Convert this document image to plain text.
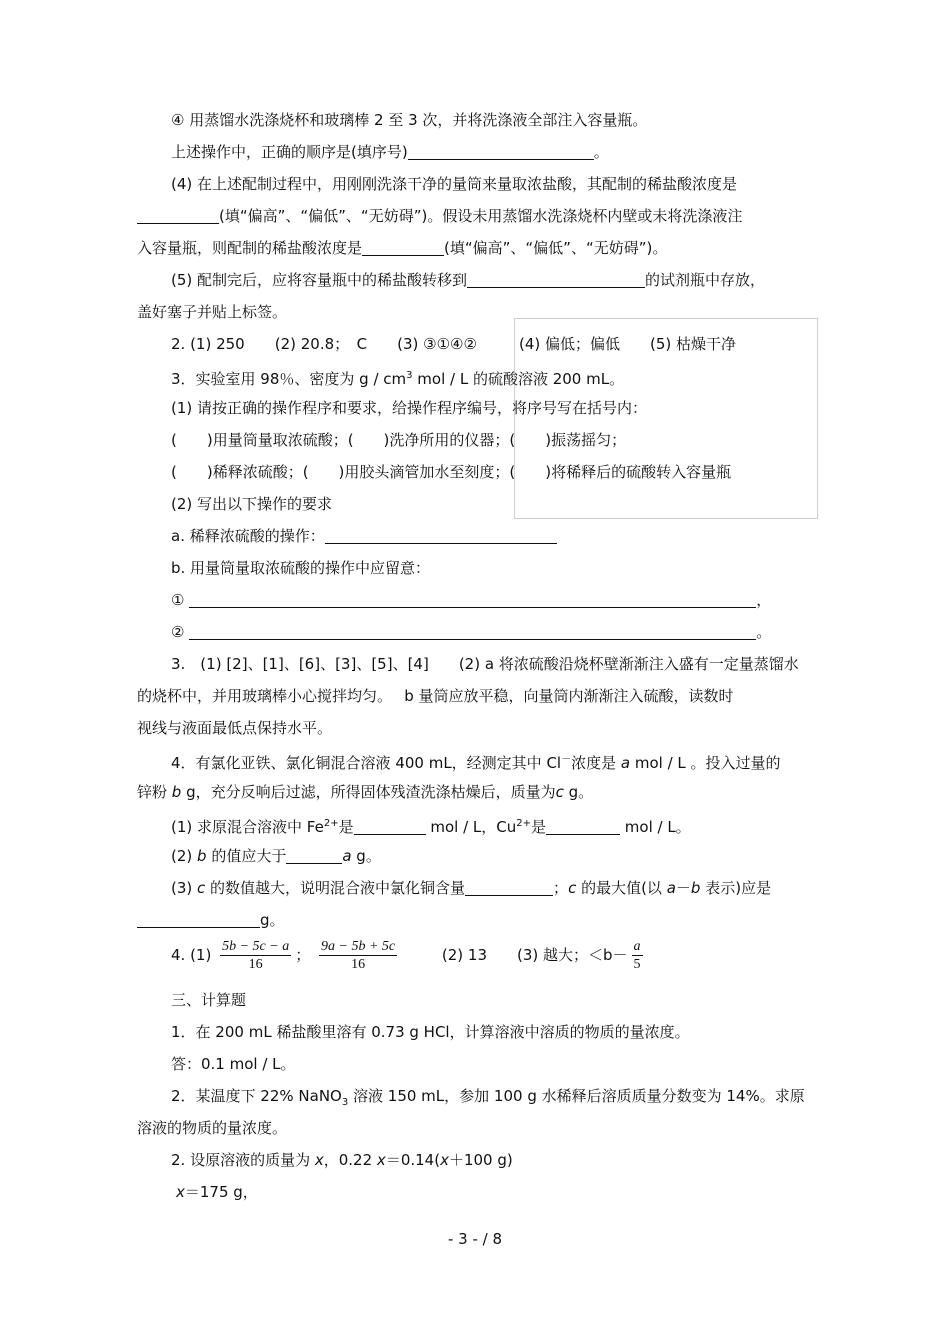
④ 用蒸馏水洗涤烧杯和玻璃棒 2 至 3 次，并将洗涤液全部注入容量瓶。
上述操作中，正确的顺序是(填序号)	。
(4) 在上述配制过程中，用刚刚洗涤干净的量筒来量取浓盐酸，其配制的稀盐酸浓度是
(填“偏高”、“偏低”、“无妨碍”)。假设未用蒸馏水洗涤烧杯内壁或未将洗涤液注
入容量瓶，则配制的稀盐酸浓度是	(填“偏高”、“偏低”、“无妨碍”)。
(5) 配制完后，应将容量瓶中的稀盐酸转移到	的试剂瓶中存放，
盖好塞子并贴上标签。
2. (1) 250　　(2) 20.8；　C　　(3) ③①④②	(4) 偏低；偏低　　(5) 枯燥干净
3．实验室用 98％、密度为 g / $cm^3$ mol / L 的硫酸溶液 200 mL。
(1) 请按正确的操作程序和要求，给操作程序编号，将序号写在括号内：
(　　)用量筒量取浓硫酸；(　　)洗净所用的仪器；(　　)振荡摇匀；
(　　)稀释浓硫酸；(　　)用胶头滴管加水至刻度；(　　)将稀释后的硫酸转入容量瓶
(2) 写出以下操作的要求
a. 稀释浓硫酸的操作：
b. 用量筒量取浓硫酸的操作中应留意：
①	，
②	。
3.　(1) [2]、[1]、[6]、[3]、[5]、[4]　　(2) a 将浓硫酸沿烧杯壁渐渐注入盛有一定量蒸馏水
的烧杯中，并用玻璃棒小心搅拌均匀。　 b 量筒应放平稳，向量筒内渐渐注入硫酸，读数时
视线与液面最低点保持水平。
4．有氯化亚铁、氯化铜混合溶液 400 mL，经测定其中 Cl－浓度是 a mol / L 。投入过量的
锌粉 b g，充分反响后过滤，所得固体残渣洗涤枯燥后，质量为c g。
(1) 求原混合溶液中 $Fe^{2+}$是	mol / L，$Cu^{2+}$是	mol / L。
(2) b 的值应大于	a g。
(3) c 的数值越大，说明混合液中氯化铜含量	；c 的最大值(以 a－b 表示)应是
g。
4. $(1) \frac{5b - 5c - a}{16}$ ； $\frac{9a - 5b + 5c}{16}$	(2) 13　　(3) 越大；$<b- \frac{a}{5}$
三、计算题
1．在 200 mL 稀盐酸里溶有 0.73 g HCl，计算溶液中溶质的物质的量浓度。
答：0.1 mol / L。
2．某温度下 22% NaNO$_3$ 溶液 150 mL，参加 100 g 水稀释后溶质质量分数变为 14%。求原
溶液的物质的量浓度。
2. 设原溶液的质量为 x，0.22 x＝0.14(x＋100 g)
x＝175 g，
- 3 - / 8
